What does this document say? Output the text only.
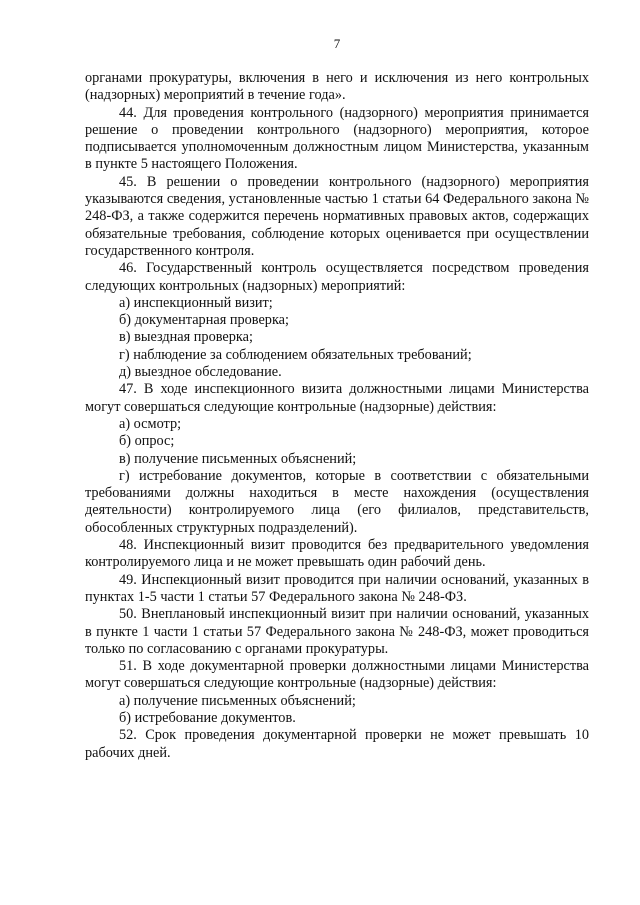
7

органами прокуратуры, включения в него и исключения из него контрольных (надзорных) мероприятий в течение года».

44. Для проведения контрольного (надзорного) мероприятия принимается решение о проведении контрольного (надзорного) мероприятия, которое подписывается уполномоченным должностным лицом Министерства, указанным в пункте 5 настоящего Положения.

45. В решении о проведении контрольного (надзорного) мероприятия указываются сведения, установленные частью 1 статьи 64 Федерального закона № 248-ФЗ, а также содержится перечень нормативных правовых актов, содержащих обязательные требования, соблюдение которых оценивается при осуществлении государственного контроля.

46. Государственный контроль осуществляется посредством проведения следующих контрольных (надзорных) мероприятий:

а) инспекционный визит;

б) документарная проверка;

в) выездная проверка;

г) наблюдение за соблюдением обязательных требований;

д) выездное обследование.

47. В ходе инспекционного визита должностными лицами Министерства могут совершаться следующие контрольные (надзорные) действия:

а) осмотр;

б) опрос;

в) получение письменных объяснений;

г) истребование документов, которые в соответствии с обязательными требованиями должны находиться в месте нахождения (осуществления деятельности) контролируемого лица (его филиалов, представительств, обособленных структурных подразделений).

48. Инспекционный визит проводится без предварительного уведомления контролируемого лица и не может превышать один рабочий день.

49. Инспекционный визит проводится при наличии оснований, указанных в пунктах 1-5 части 1 статьи 57 Федерального закона № 248-ФЗ.

50. Внеплановый инспекционный визит при наличии оснований, указанных в пункте 1 части 1 статьи 57 Федерального закона № 248-ФЗ, может проводиться только по согласованию с органами прокуратуры.

51. В ходе документарной проверки должностными лицами Министерства могут совершаться следующие контрольные (надзорные) действия:

а) получение письменных объяснений;

б) истребование документов.

52. Срок проведения документарной проверки не может превышать 10 рабочих дней.
